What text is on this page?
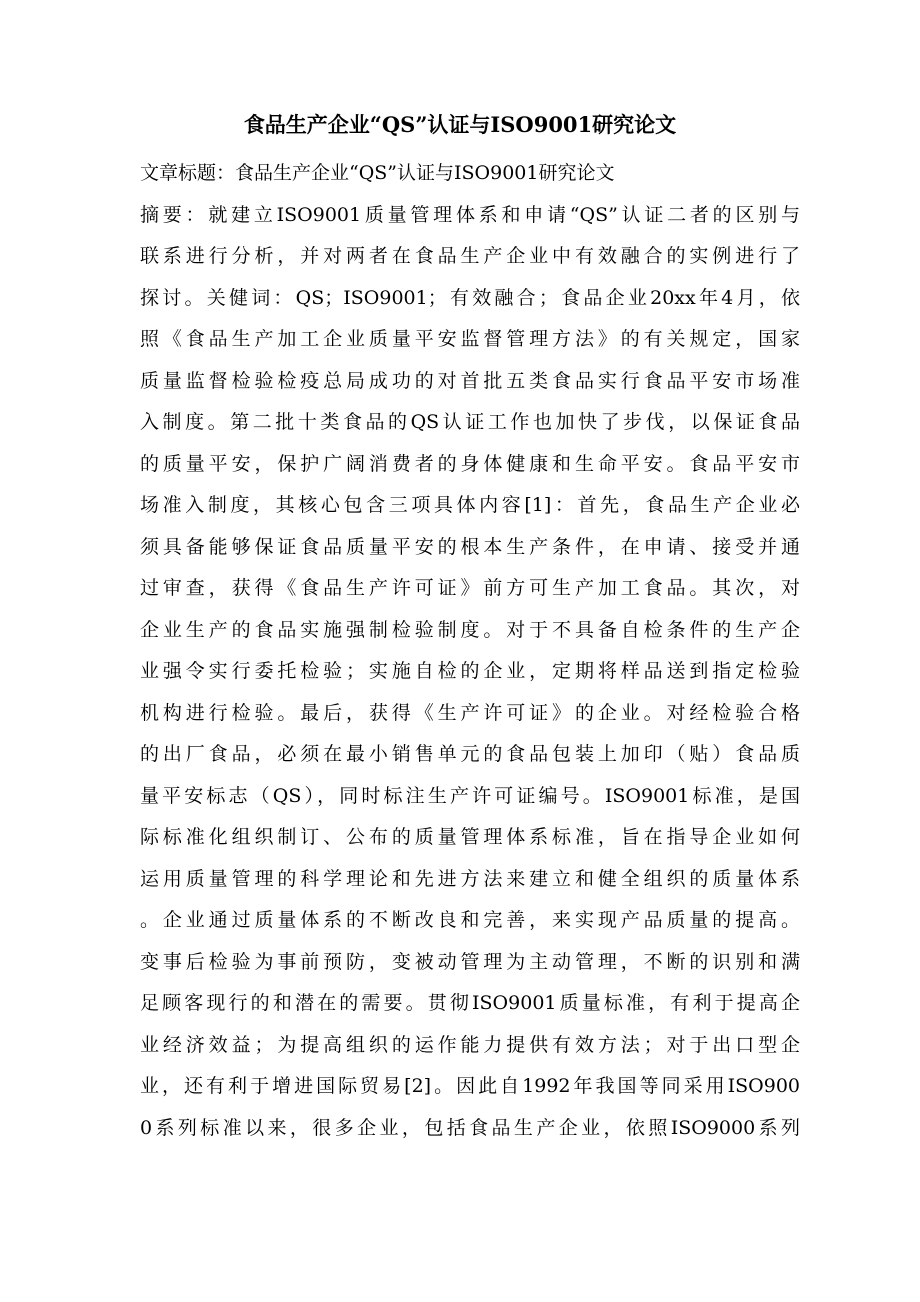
食品生产企业“QS”认证与ISO9001研究论文
文章标题：食品生产企业“QS”认证与ISO9001研究论文
摘要：就建立ISO9001质量管理体系和申请“QS”认证二者的区别与
联系进行分析，并对两者在食品生产企业中有效融合的实例进行了
探讨。关健词：QS；ISO9001；有效融合；食品企业20xx年4月，依
照《食品生产加工企业质量平安监督管理方法》的有关规定，国家
质量监督检验检疫总局成功的对首批五类食品实行食品平安市场准
入制度。第二批十类食品的QS认证工作也加快了步伐，以保证食品
的质量平安，保护广阔消费者的身体健康和生命平安。食品平安市
场准入制度，其核心包含三项具体内容[1]：首先，食品生产企业必
须具备能够保证食品质量平安的根本生产条件，在申请、接受并通
过审查，获得《食品生产许可证》前方可生产加工食品。其次，对
企业生产的食品实施强制检验制度。对于不具备自检条件的生产企
业强令实行委托检验；实施自检的企业，定期将样品送到指定检验
机构进行检验。最后，获得《生产许可证》的企业。对经检验合格
的出厂食品，必须在最小销售单元的食品包装上加印（贴）食品质
量平安标志（QS），同时标注生产许可证编号。ISO9001标准，是国
际标准化组织制订、公布的质量管理体系标准，旨在指导企业如何
运用质量管理的科学理论和先进方法来建立和健全组织的质量体系
。企业通过质量体系的不断改良和完善，来实现产品质量的提高。
变事后检验为事前预防，变被动管理为主动管理，不断的识别和满
足顾客现行的和潜在的需要。贯彻ISO9001质量标准，有利于提高企
业经济效益；为提高组织的运作能力提供有效方法；对于出口型企
业，还有利于增进国际贸易[2]。因此自1992年我国等同采用ISO900
0系列标准以来，很多企业，包括食品生产企业，依照ISO9000系列
